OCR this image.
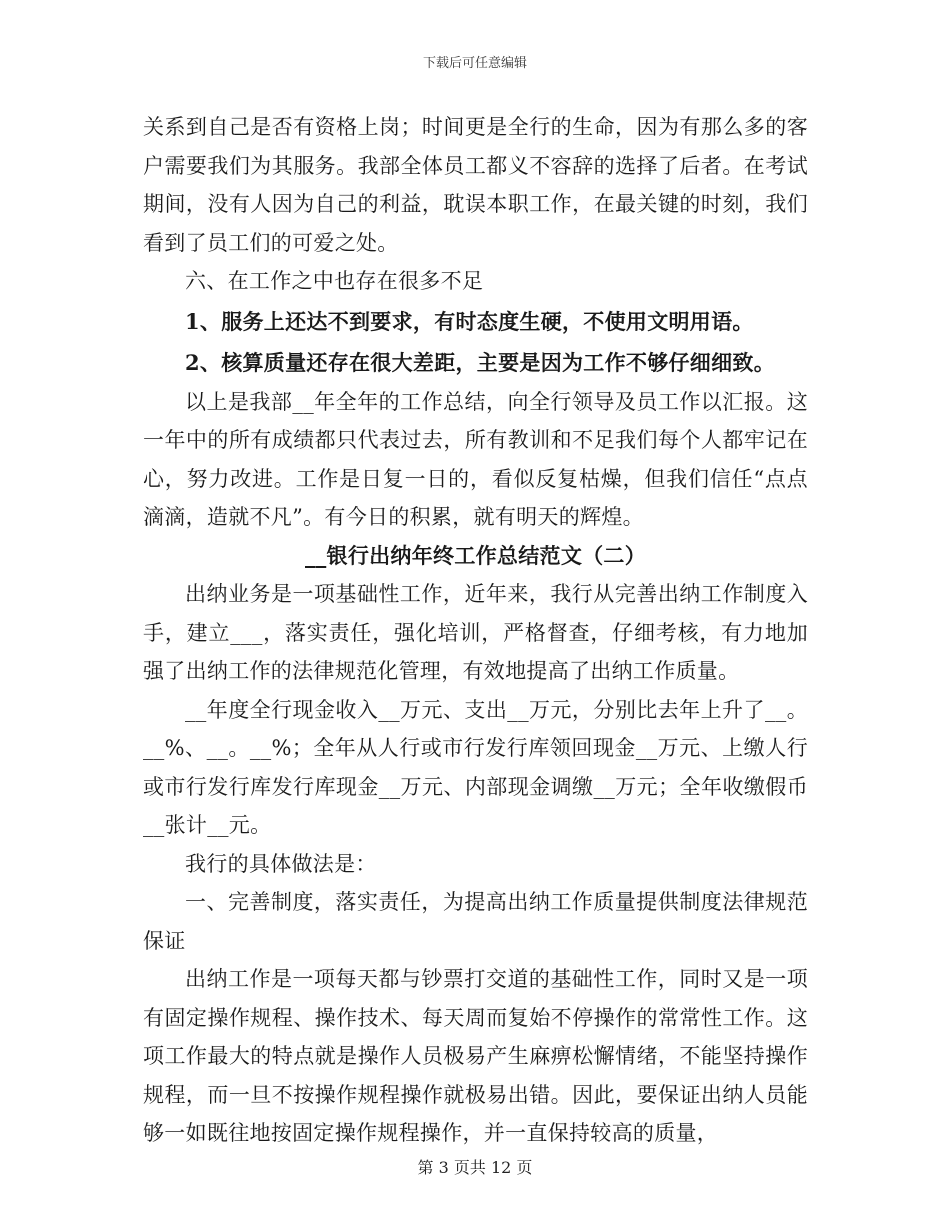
下载后可任意编辑

关系到自己是否有资格上岗；时间更是全行的生命，因为有那么多的客户需要我们为其服务。我部全体员工都义不容辞的选择了后者。在考试期间，没有人因为自己的利益，耽误本职工作，在最关键的时刻，我们看到了员工们的可爱之处。

六、在工作之中也存在很多不足

1、服务上还达不到要求，有时态度生硬，不使用文明用语。

2、核算质量还存在很大差距，主要是因为工作不够仔细细致。

以上是我部__年全年的工作总结，向全行领导及员工作以汇报。这一年中的所有成绩都只代表过去，所有教训和不足我们每个人都牢记在心，努力改进。工作是日复一日的，看似反复枯燥，但我们信任“点点滴滴，造就不凡”。有今日的积累，就有明天的辉煌。

__银行出纳年终工作总结范文（二）

出纳业务是一项基础性工作，近年来，我行从完善出纳工作制度入手，建立___，落实责任，强化培训，严格督查，仔细考核，有力地加强了出纳工作的法律规范化管理，有效地提高了出纳工作质量。

__年度全行现金收入__万元、支出__万元，分别比去年上升了__。__%、__。__%；全年从人行或市行发行库领回现金__万元、上缴人行或市行发行库发行库现金__万元、内部现金调缴__万元；全年收缴假币__张计__元。

我行的具体做法是：

一、完善制度，落实责任，为提高出纳工作质量提供制度法律规范保证

出纳工作是一项每天都与钞票打交道的基础性工作，同时又是一项有固定操作规程、操作技术、每天周而复始不停操作的常常性工作。这项工作最大的特点就是操作人员极易产生麻痹松懈情绪，不能坚持操作规程，而一旦不按操作规程操作就极易出错。因此，要保证出纳人员能够一如既往地按固定操作规程操作，并一直保持较高的质量，

第 3 页共 12 页
